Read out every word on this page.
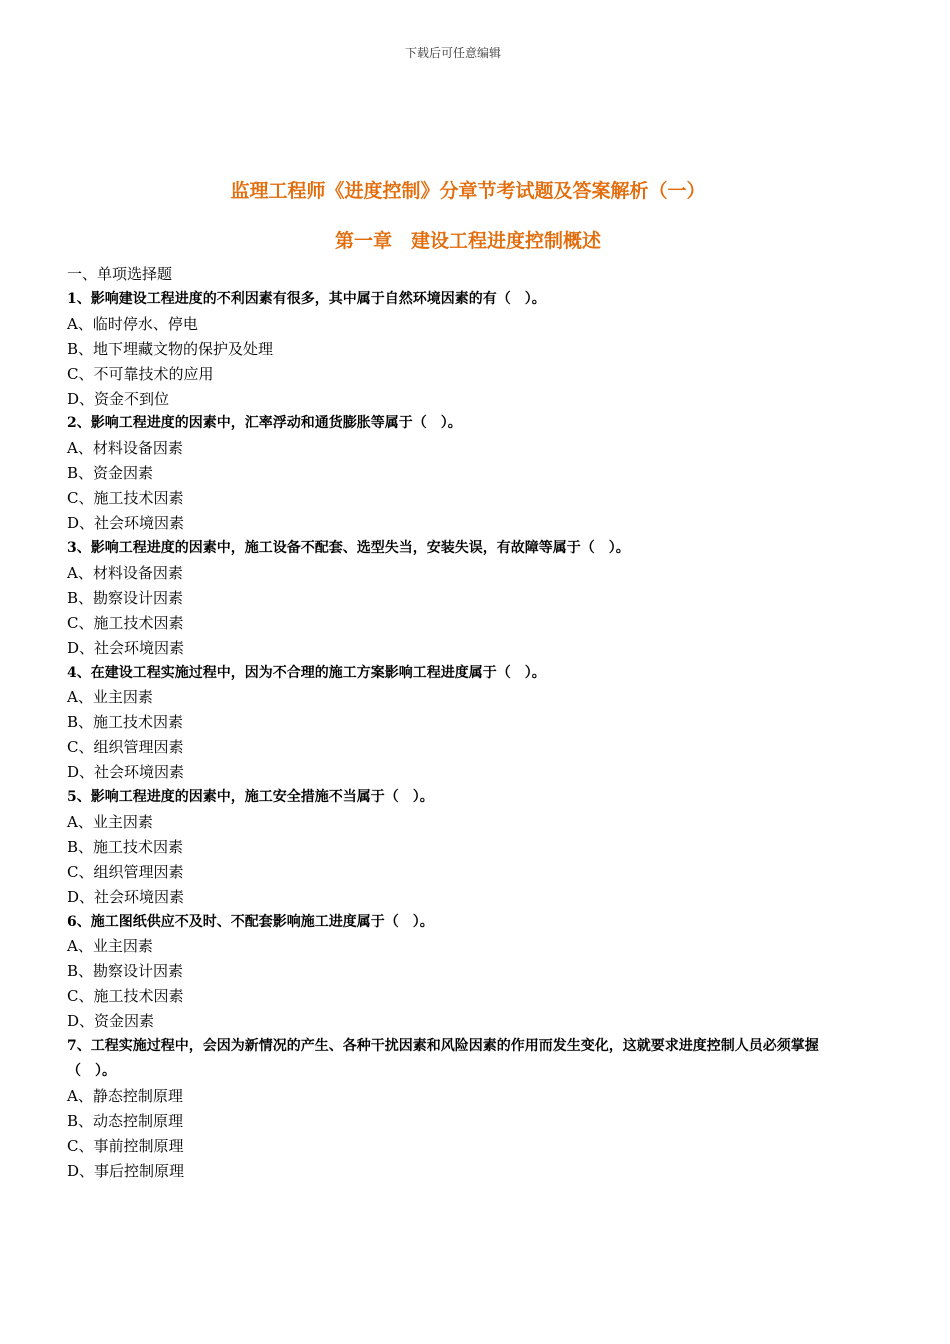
下载后可任意编辑
监理工程师《进度控制》分章节考试题及答案解析（一）
第一章　建设工程进度控制概述
一、单项选择题
1、影响建设工程进度的不利因素有很多，其中属于自然环境因素的有（　）。
A、临时停水、停电
B、地下埋藏文物的保护及处理
C、不可靠技术的应用
D、资金不到位
2、影响工程进度的因素中，汇率浮动和通货膨胀等属于（　）。
A、材料设备因素
B、资金因素
C、施工技术因素
D、社会环境因素
3、影响工程进度的因素中，施工设备不配套、选型失当，安装失误，有故障等属于（　）。
A、材料设备因素
B、勘察设计因素
C、施工技术因素
D、社会环境因素
4、在建设工程实施过程中，因为不合理的施工方案影响工程进度属于（　）。
A、业主因素
B、施工技术因素
C、组织管理因素
D、社会环境因素
5、影响工程进度的因素中，施工安全措施不当属于（　）。
A、业主因素
B、施工技术因素
C、组织管理因素
D、社会环境因素
6、施工图纸供应不及时、不配套影响施工进度属于（　）。
A、业主因素
B、勘察设计因素
C、施工技术因素
D、资金因素
7、工程实施过程中，会因为新情况的产生、各种干扰因素和风险因素的作用而发生变化，这就要求进度控制人员必须掌握（　）。
A、静态控制原理
B、动态控制原理
C、事前控制原理
D、事后控制原理
